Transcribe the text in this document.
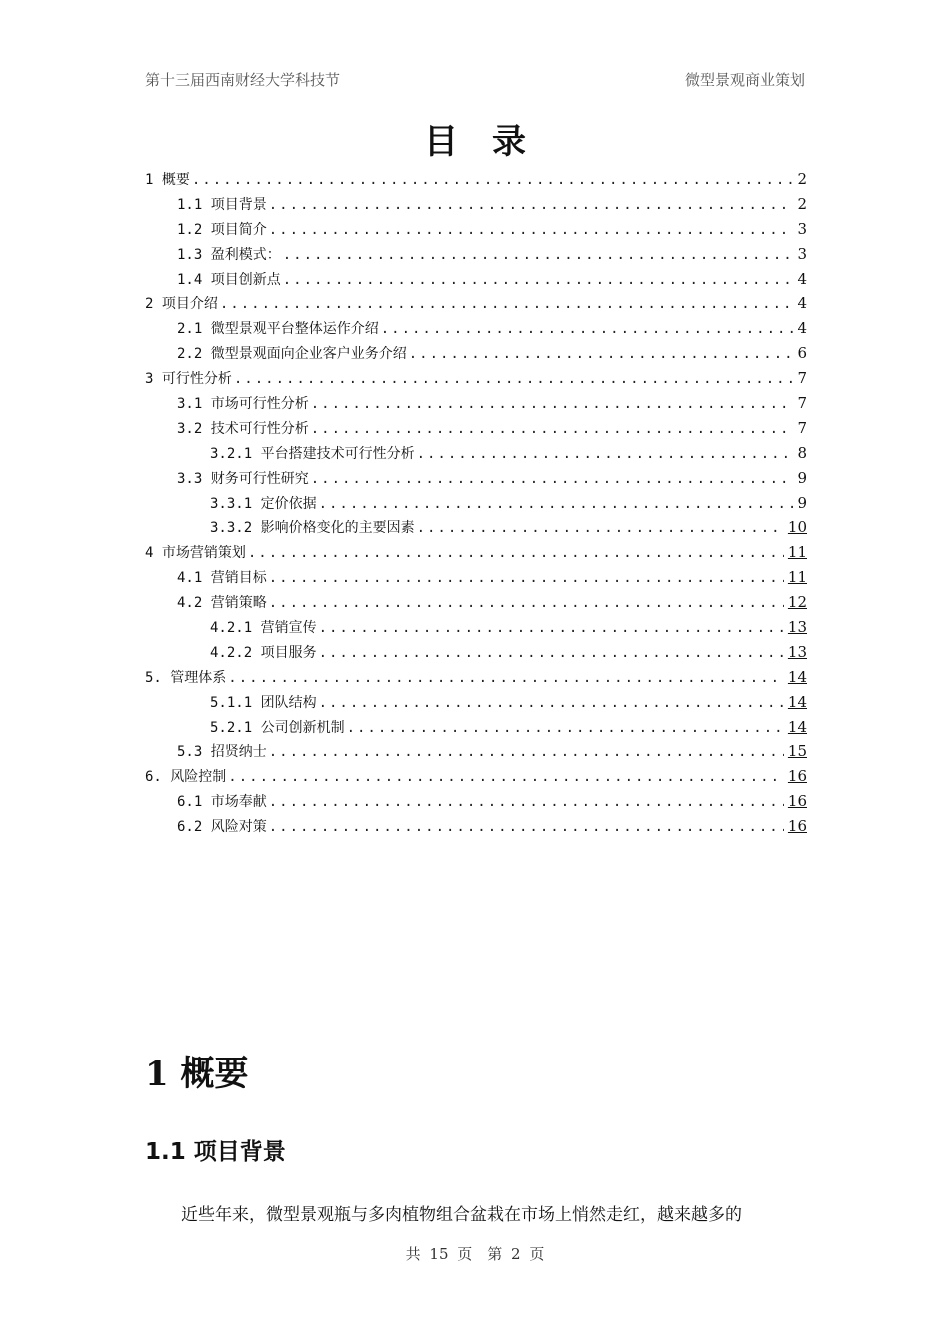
第十三届西南财经大学科技节	微型景观商业策划
目录
1 概要 .....	2
1.1 项目背景 .....	2
1.2 项目简介 .....	3
1.3 盈利模式： .....	3
1.4 项目创新点 .....	4
2 项目介绍 .....	4
2.1 微型景观平台整体运作介绍 .....	4
2.2 微型景观面向企业客户业务介绍 .....	6
3 可行性分析 .....	7
3.1 市场可行性分析 .....	7
3.2 技术可行性分析 .....	7
3.2.1 平台搭建技术可行性分析 .....	8
3.3 财务可行性研究 .....	9
3.3.1 定价依据 .....	9
3.3.2 影响价格变化的主要因素 .....	10
4 市场营销策划 .....	11
4.1 营销目标 .....	11
4.2 营销策略 .....	12
4.2.1 营销宣传 .....	13
4.2.2 项目服务 .....	13
5. 管理体系 .....	14
5.1.1 团队结构 .....	14
5.2.1 公司创新机制 .....	14
5.3 招贤纳士 .....	15
6. 风险控制 .....	16
6.1 市场奉献 .....	16
6.2 风险对策 .....	16
1 概要
1.1 项目背景
近些年来，微型景观瓶与多肉植物组合盆栽在市场上悄然走红，越来越多的
共 15 页　第 2 页
